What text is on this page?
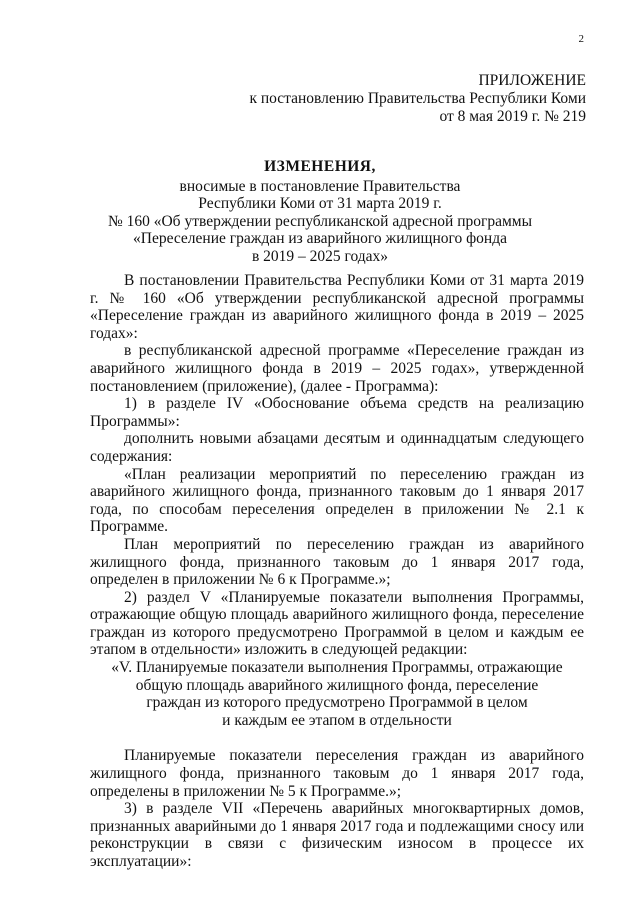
2
ПРИЛОЖЕНИЕ
к постановлению Правительства Республики Коми
от 8 мая 2019 г. № 219
ИЗМЕНЕНИЯ,
вносимые в постановление Правительства
Республики Коми от 31 марта 2019 г.
№ 160 «Об утверждении республиканской адресной программы
«Переселение граждан из аварийного жилищного фонда
в 2019 – 2025 годах»

В постановлении Правительства Республики Коми от 31 марта 2019 г. № 160 «Об утверждении республиканской адресной программы «Переселение граждан из аварийного жилищного фонда в 2019 – 2025 годах»:

в республиканской адресной программе «Переселение граждан из аварийного жилищного фонда в 2019 – 2025 годах», утвержденной постановлением (приложение), (далее - Программа):

1) в разделе IV «Обоснование объема средств на реализацию Программы»:

дополнить новыми абзацами десятым и одиннадцатым следующего содержания:

«План реализации мероприятий по переселению граждан из аварийного жилищного фонда, признанного таковым до 1 января 2017 года, по способам переселения определен в приложении № 2.1 к Программе.

План мероприятий по переселению граждан из аварийного жилищного фонда, признанного таковым до 1 января 2017 года, определен в приложении № 6 к Программе.»;

2) раздел V «Планируемые показатели выполнения Программы, отражающие общую площадь аварийного жилищного фонда, переселение граждан из которого предусмотрено Программой в целом и каждым ее этапом в отдельности» изложить в следующей редакции:

«V. Планируемые показатели выполнения Программы, отражающие
общую площадь аварийного жилищного фонда, переселение
граждан из которого предусмотрено Программой в целом
и каждым ее этапом в отдельности

Планируемые показатели переселения граждан из аварийного жилищного фонда, признанного таковым до 1 января 2017 года, определены в приложении № 5 к Программе.»;

3) в разделе VII «Перечень аварийных многоквартирных домов, признанных аварийными до 1 января 2017 года и подлежащими сносу или реконструкции в связи с физическим износом в процессе их эксплуатации»:
